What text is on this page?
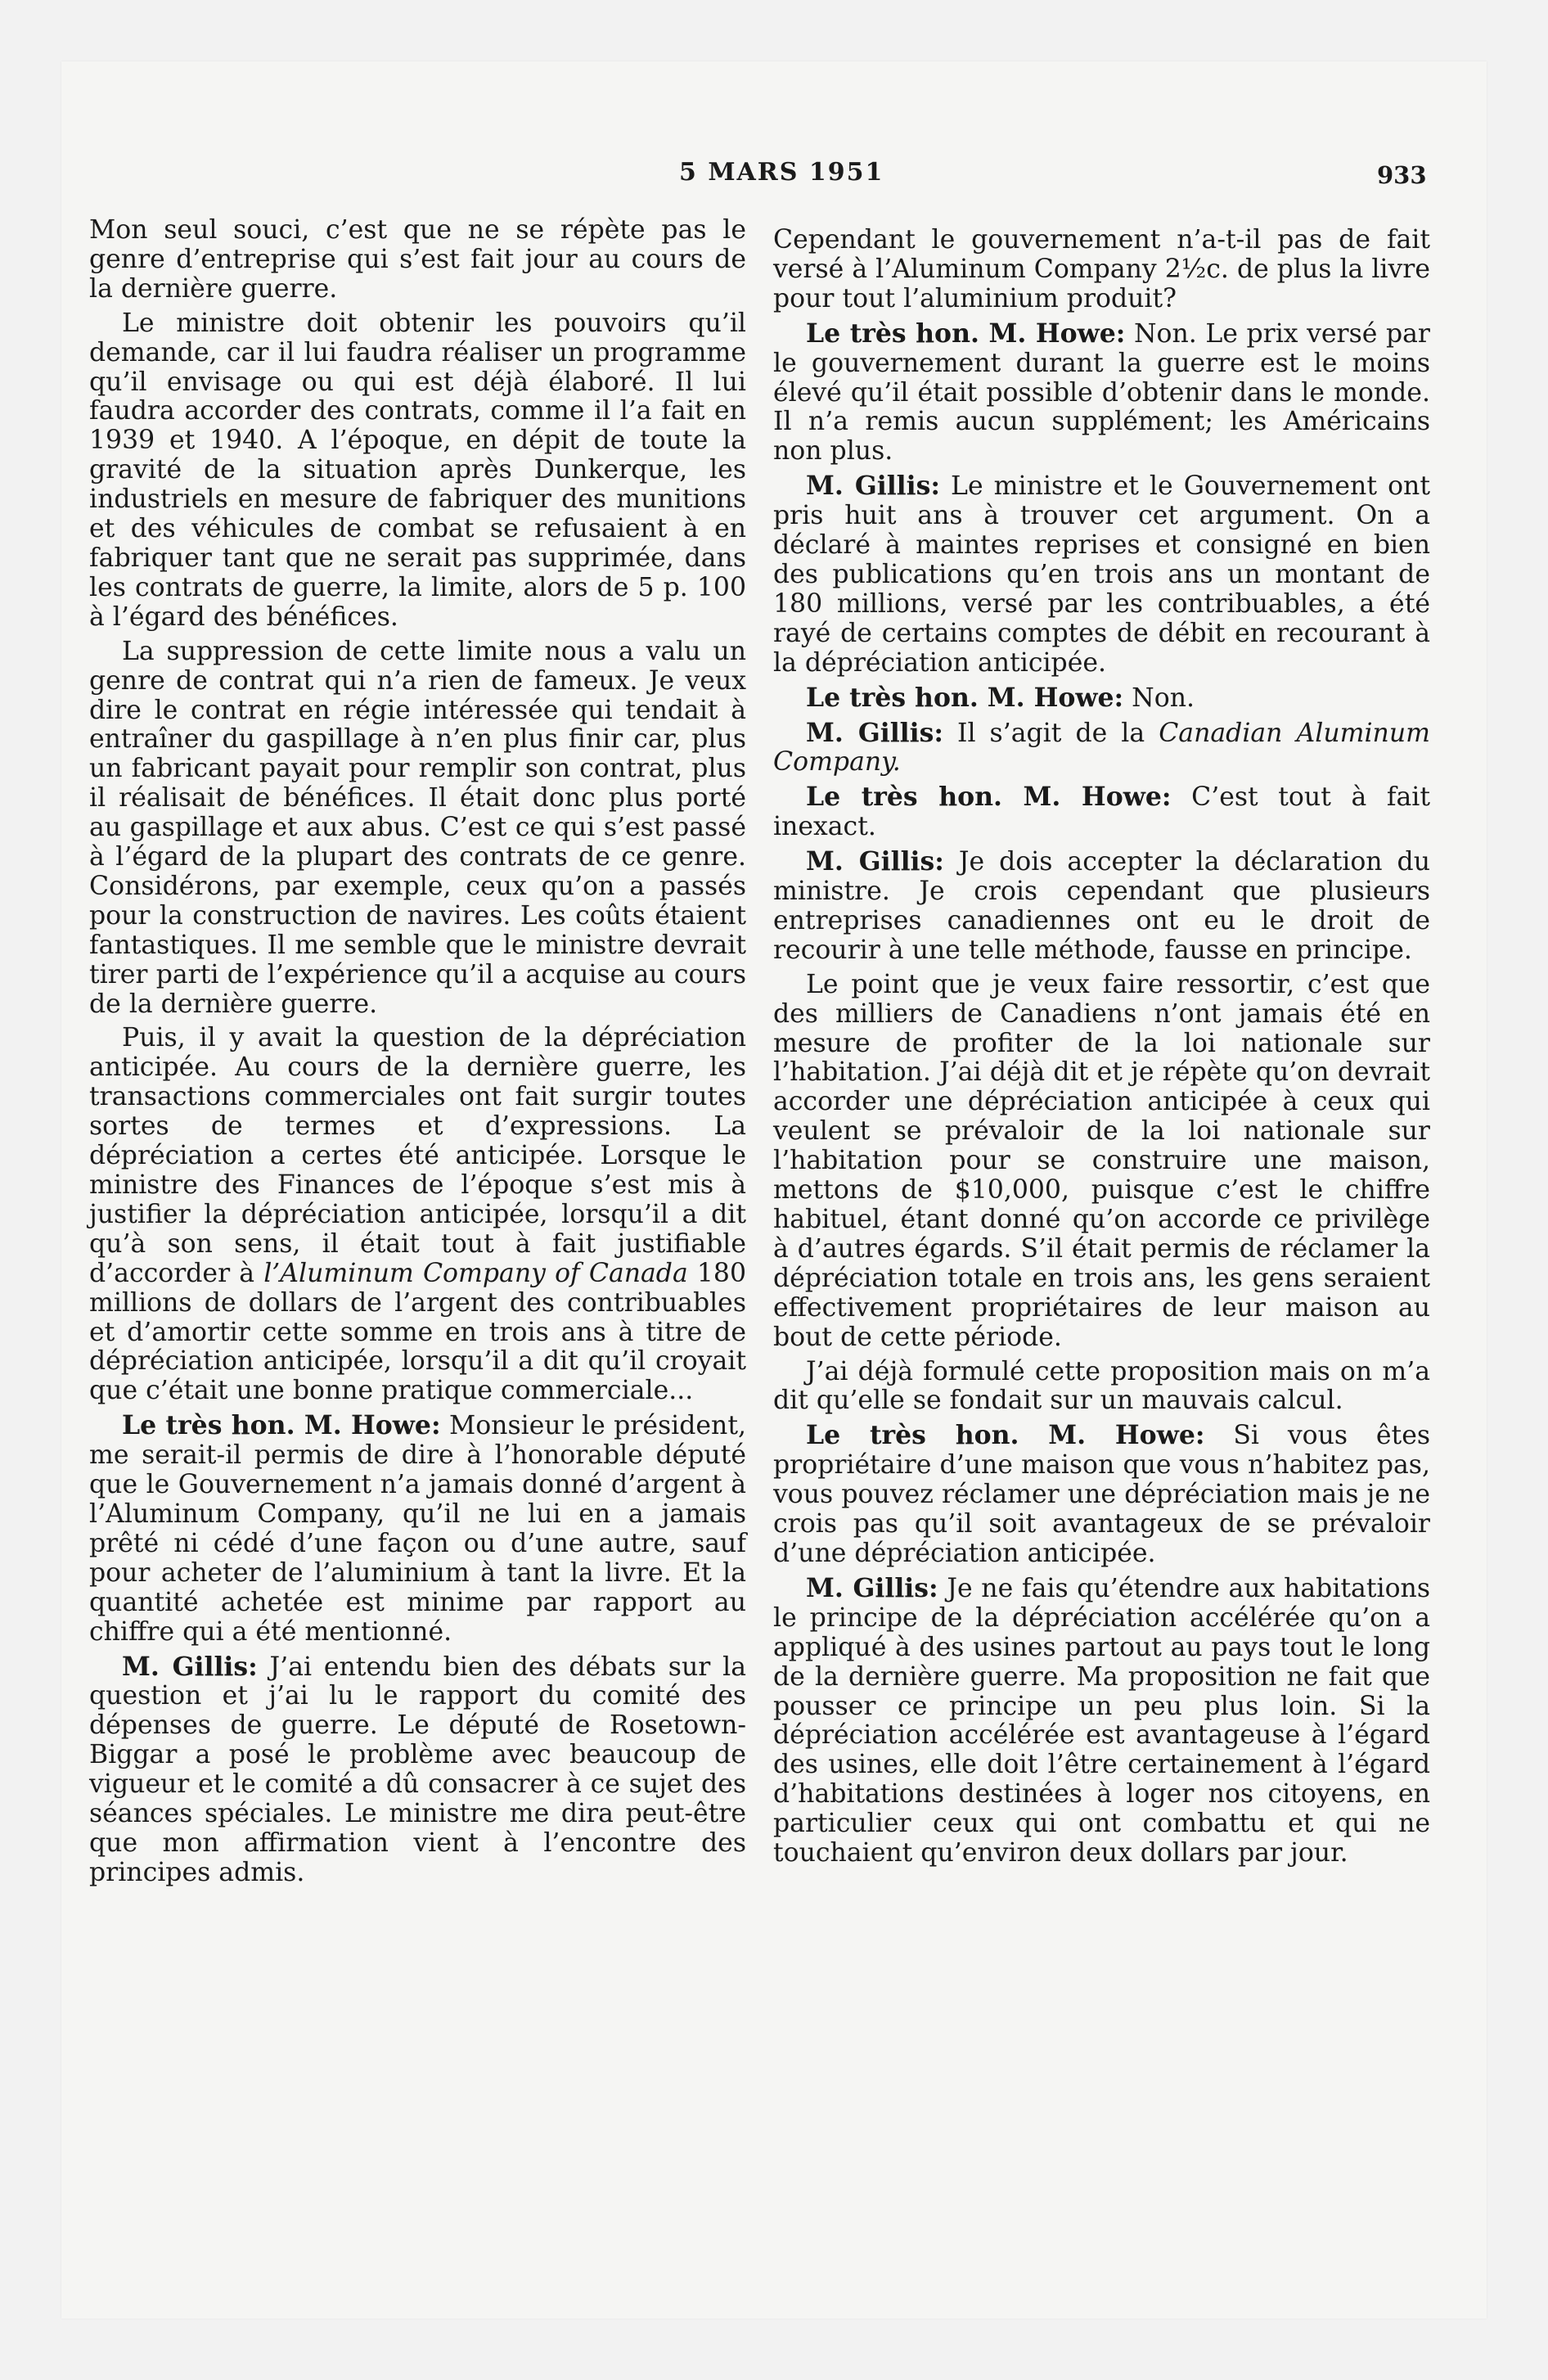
5 MARS 1951	933

Mon seul souci, c’est que ne se répète pas le genre d’entreprise qui s’est fait jour au cours de la dernière guerre.

Le ministre doit obtenir les pouvoirs qu’il demande, car il lui faudra réaliser un programme qu’il envisage ou qui est déjà élaboré. Il lui faudra accorder des contrats, comme il l’a fait en 1939 et 1940. A l’époque, en dépit de toute la gravité de la situation après Dunkerque, les industriels en mesure de fabriquer des munitions et des véhicules de combat se refusaient à en fabriquer tant que ne serait pas supprimée, dans les contrats de guerre, la limite, alors de 5 p. 100 à l’égard des bénéfices.

La suppression de cette limite nous a valu un genre de contrat qui n’a rien de fameux. Je veux dire le contrat en régie intéressée qui tendait à entraîner du gaspillage à n’en plus finir car, plus un fabricant payait pour remplir son contrat, plus il réalisait de bénéfices. Il était donc plus porté au gaspillage et aux abus. C’est ce qui s’est passé à l’égard de la plupart des contrats de ce genre. Considérons, par exemple, ceux qu’on a passés pour la construction de navires. Les coûts étaient fantastiques. Il me semble que le ministre devrait tirer parti de l’expérience qu’il a acquise au cours de la dernière guerre.

Puis, il y avait la question de la dépréciation anticipée. Au cours de la dernière guerre, les transactions commerciales ont fait surgir toutes sortes de termes et d’expressions. La dépréciation a certes été anticipée. Lorsque le ministre des Finances de l’époque s’est mis à justifier la dépréciation anticipée, lorsqu’il a dit qu’à son sens, il était tout à fait justifiable d’accorder à l’Aluminum Company of Canada 180 millions de dollars de l’argent des contribuables et d’amortir cette somme en trois ans à titre de dépréciation anticipée, lorsqu’il a dit qu’il croyait que c’était une bonne pratique commerciale...

Le très hon. M. Howe: Monsieur le président, me serait-il permis de dire à l’honorable député que le Gouvernement n’a jamais donné d’argent à l’Aluminum Company, qu’il ne lui en a jamais prêté ni cédé d’une façon ou d’une autre, sauf pour acheter de l’aluminium à tant la livre. Et la quantité achetée est minime par rapport au chiffre qui a été mentionné.

M. Gillis: J’ai entendu bien des débats sur la question et j’ai lu le rapport du comité des dépenses de guerre. Le député de Rosetown-Biggar a posé le problème avec beaucoup de vigueur et le comité a dû consacrer à ce sujet des séances spéciales. Le ministre me dira peut-être que mon affirmation vient à l’encontre des principes admis.

Cependant le gouvernement n’a-t-il pas de fait versé à l’Aluminum Company 2½c. de plus la livre pour tout l’aluminium produit?

Le très hon. M. Howe: Non. Le prix versé par le gouvernement durant la guerre est le moins élevé qu’il était possible d’obtenir dans le monde. Il n’a remis aucun supplément; les Américains non plus.

M. Gillis: Le ministre et le Gouvernement ont pris huit ans à trouver cet argument. On a déclaré à maintes reprises et consigné en bien des publications qu’en trois ans un montant de 180 millions, versé par les contribuables, a été rayé de certains comptes de débit en recourant à la dépréciation anticipée.

Le très hon. M. Howe: Non.

M. Gillis: Il s’agit de la Canadian Aluminum Company.

Le très hon. M. Howe: C’est tout à fait inexact.

M. Gillis: Je dois accepter la déclaration du ministre. Je crois cependant que plusieurs entreprises canadiennes ont eu le droit de recourir à une telle méthode, fausse en principe.

Le point que je veux faire ressortir, c’est que des milliers de Canadiens n’ont jamais été en mesure de profiter de la loi nationale sur l’habitation. J’ai déjà dit et je répète qu’on devrait accorder une dépréciation anticipée à ceux qui veulent se prévaloir de la loi nationale sur l’habitation pour se construire une maison, mettons de $10,000, puisque c’est le chiffre habituel, étant donné qu’on accorde ce privilège à d’autres égards. S’il était permis de réclamer la dépréciation totale en trois ans, les gens seraient effectivement propriétaires de leur maison au bout de cette période.

J’ai déjà formulé cette proposition mais on m’a dit qu’elle se fondait sur un mauvais calcul.

Le très hon. M. Howe: Si vous êtes propriétaire d’une maison que vous n’habitez pas, vous pouvez réclamer une dépréciation mais je ne crois pas qu’il soit avantageux de se prévaloir d’une dépréciation anticipée.

M. Gillis: Je ne fais qu’étendre aux habitations le principe de la dépréciation accélérée qu’on a appliqué à des usines partout au pays tout le long de la dernière guerre. Ma proposition ne fait que pousser ce principe un peu plus loin. Si la dépréciation accélérée est avantageuse à l’égard des usines, elle doit l’être certainement à l’égard d’habitations destinées à loger nos citoyens, en particulier ceux qui ont combattu et qui ne touchaient qu’environ deux dollars par jour.
